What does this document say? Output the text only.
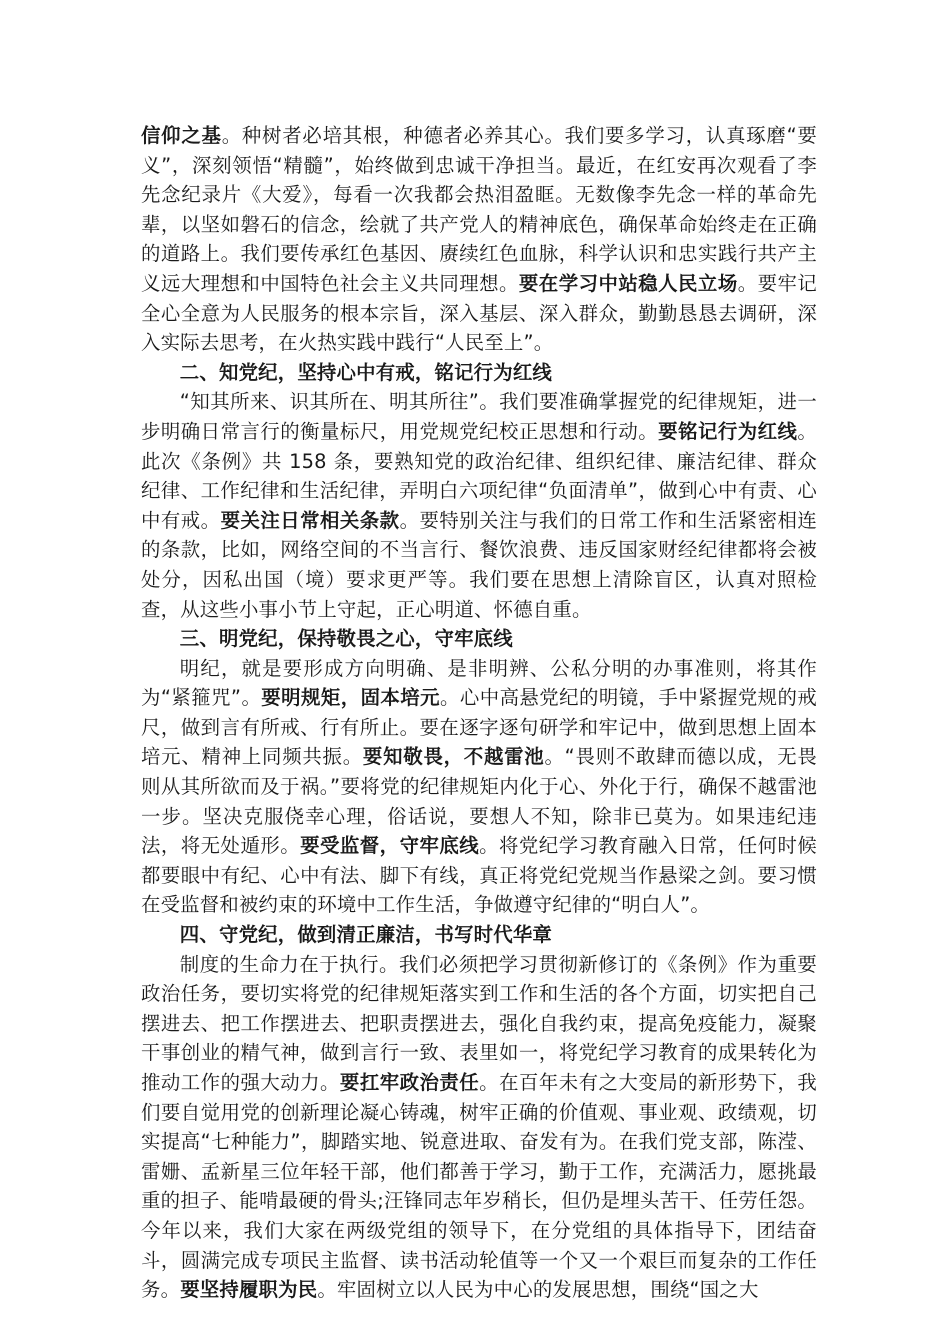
信仰之基。种树者必培其根，种德者必养其心。我们要多学习，认真琢磨“要义”，深刻领悟“精髓”，始终做到忠诚干净担当。最近，在红安再次观看了李先念纪录片《大爱》，每看一次我都会热泪盈眶。无数像李先念一样的革命先辈，以坚如磐石的信念，绘就了共产党人的精神底色，确保革命始终走在正确的道路上。我们要传承红色基因、赓续红色血脉，科学认识和忠实践行共产主义远大理想和中国特色社会主义共同理想。要在学习中站稳人民立场。要牢记全心全意为人民服务的根本宗旨，深入基层、深入群众，勤勤恳恳去调研，深入实际去思考，在火热实践中践行“人民至上”。

二、知党纪，坚持心中有戒，铭记行为红线

“知其所来、识其所在、明其所往”。我们要准确掌握党的纪律规矩，进一步明确日常言行的衡量标尺，用党规党纪校正思想和行动。要铭记行为红线。此次《条例》共 158 条，要熟知党的政治纪律、组织纪律、廉洁纪律、群众纪律、工作纪律和生活纪律，弄明白六项纪律“负面清单”，做到心中有责、心中有戒。要关注日常相关条款。要特别关注与我们的日常工作和生活紧密相连的条款，比如，网络空间的不当言行、餐饮浪费、违反国家财经纪律都将会被处分，因私出国（境）要求更严等。我们要在思想上清除盲区，认真对照检查，从这些小事小节上守起，正心明道、怀德自重。

三、明党纪，保持敬畏之心，守牢底线

明纪，就是要形成方向明确、是非明辨、公私分明的办事准则，将其作为“紧箍咒”。要明规矩，固本培元。心中高悬党纪的明镜，手中紧握党规的戒尺，做到言有所戒、行有所止。要在逐字逐句研学和牢记中，做到思想上固本培元、精神上同频共振。要知敬畏，不越雷池。“畏则不敢肆而德以成，无畏则从其所欲而及于祸。”要将党的纪律规矩内化于心、外化于行，确保不越雷池一步。坚决克服侥幸心理，俗话说，要想人不知，除非已莫为。如果违纪违法，将无处遁形。要受监督，守牢底线。将党纪学习教育融入日常，任何时候都要眼中有纪、心中有法、脚下有线，真正将党纪党规当作悬梁之剑。要习惯在受监督和被约束的环境中工作生活，争做遵守纪律的“明白人”。

四、守党纪，做到清正廉洁，书写时代华章

制度的生命力在于执行。我们必须把学习贯彻新修订的《条例》作为重要政治任务，要切实将党的纪律规矩落实到工作和生活的各个方面，切实把自己摆进去、把工作摆进去、把职责摆进去，强化自我约束，提高免疫能力，凝聚干事创业的精气神，做到言行一致、表里如一，将党纪学习教育的成果转化为推动工作的强大动力。要扛牢政治责任。在百年未有之大变局的新形势下，我们要自觉用党的创新理论凝心铸魂，树牢正确的价值观、事业观、政绩观，切实提高“七种能力”，脚踏实地、锐意进取、奋发有为。在我们党支部，陈滢、雷姗、孟新星三位年轻干部，他们都善于学习，勤于工作，充满活力，愿挑最重的担子、能啃最硬的骨头;汪锋同志年岁稍长，但仍是埋头苦干、任劳任怨。今年以来，我们大家在两级党组的领导下，在分党组的具体指导下，团结奋斗，圆满完成专项民主监督、读书活动轮值等一个又一个艰巨而复杂的工作任务。要坚持履职为民。牢固树立以人民为中心的发展思想，围绕“国之大
